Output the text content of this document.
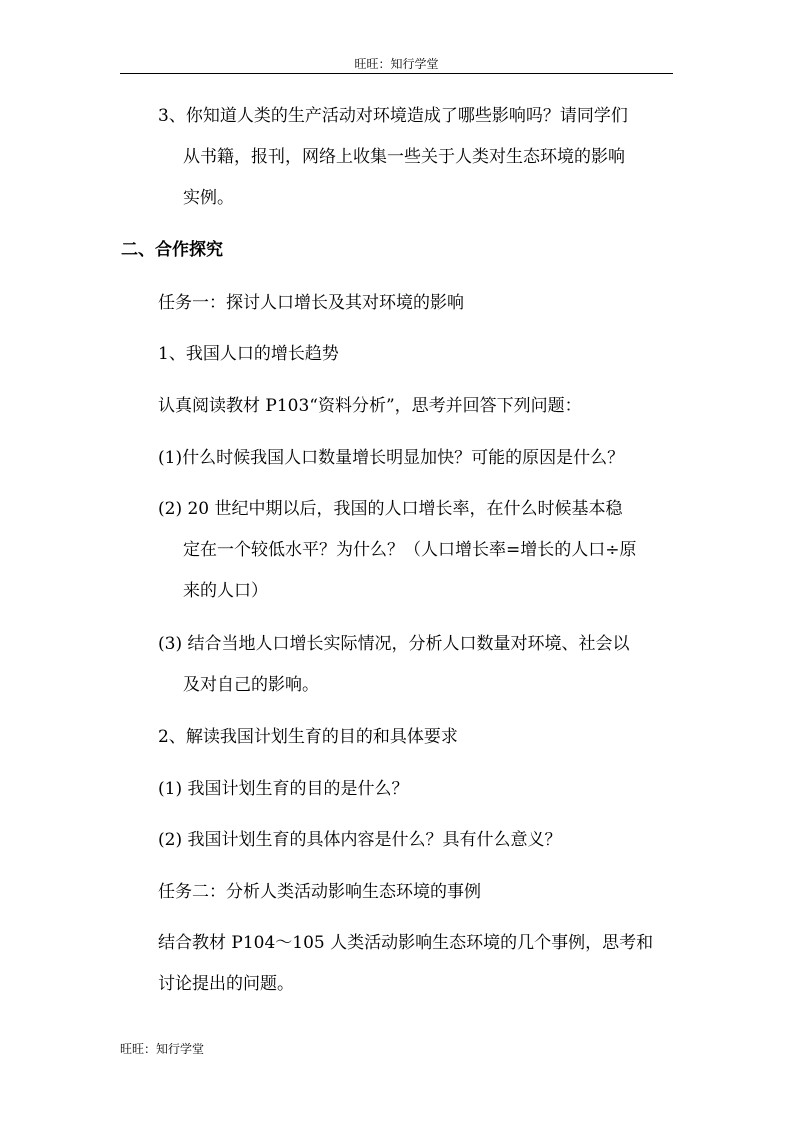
旺旺：知行学堂
3、你知道人类的生产活动对环境造成了哪些影响吗？请同学们
从书籍，报刊，网络上收集一些关于人类对生态环境的影响
实例。
二、合作探究
任务一：探讨人口增长及其对环境的影响
1、我国人口的增长趋势
认真阅读教材 P103“资料分析”，思考并回答下列问题：
(1)什么时候我国人口数量增长明显加快？可能的原因是什么？
(2) 20 世纪中期以后，我国的人口增长率，在什么时候基本稳
定在一个较低水平？为什么？（人口增长率=增长的人口÷原
来的人口）
(3) 结合当地人口增长实际情况，分析人口数量对环境、社会以
及对自己的影响。
2、解读我国计划生育的目的和具体要求
(1) 我国计划生育的目的是什么？
(2) 我国计划生育的具体内容是什么？具有什么意义？
任务二：分析人类活动影响生态环境的事例
结合教材 P104～105 人类活动影响生态环境的几个事例，思考和
讨论提出的问题。
旺旺：知行学堂
